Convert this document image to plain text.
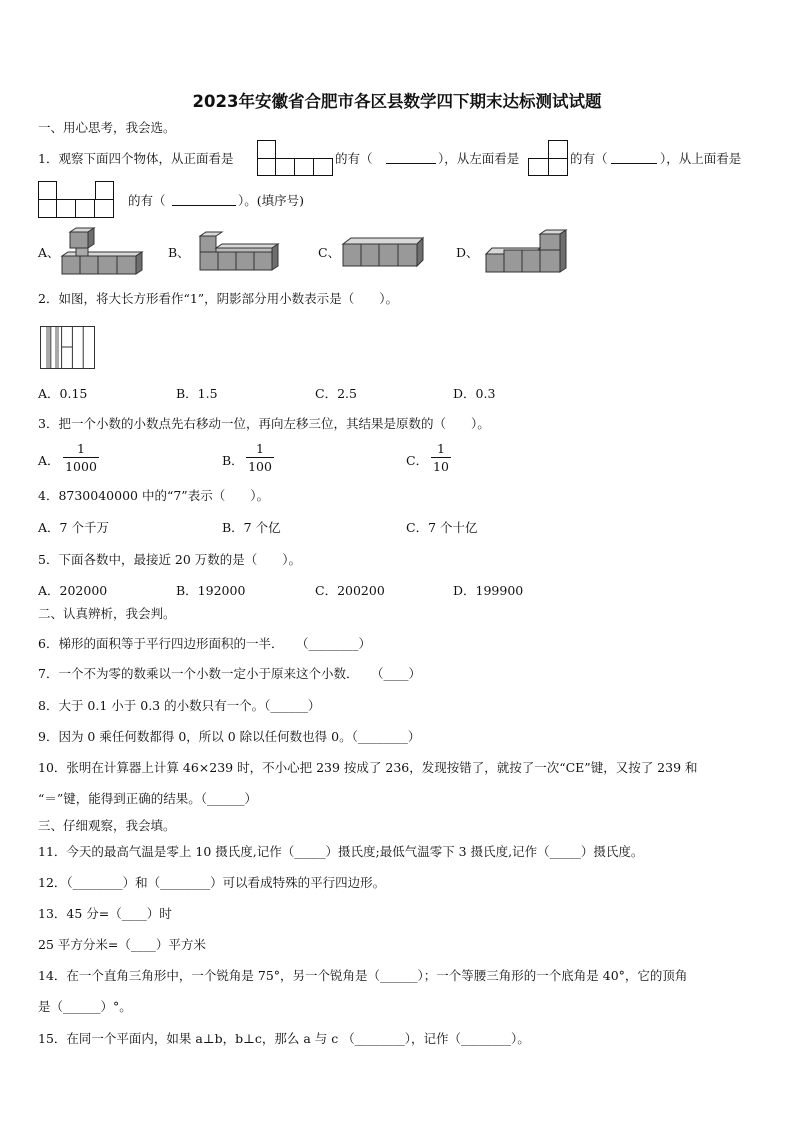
2023年安徽省合肥市各区县数学四下期末达标测试试题
一、用心思考，我会选。
1．观察下面四个物体，从正面看是	的有（	），从左面看是	的有（	），从上面看是
的有（	）。(填序号)
A、	B、	C、	D、
2．如图，将大长方形看作“1”，阴影部分用小数表示是（　　）。
A．0.15	B．1.5	C．2.5	D．0.3
3．把一个小数的小数点先右移动一位，再向左移三位，其结果是原数的（　　）。
A．
1
1000	B．
1
100	C．
1
10
4．8730040000 中的“7”表示（　　）。
A．7 个千万	B．7 个亿	C．7 个十亿
5．下面各数中，最接近 20 万数的是（　　）。
A．202000	B．192000	C．200200	D．199900
二、认真辨析，我会判。
6．梯形的面积等于平行四边形面积的一半．　　（________）
7．一个不为零的数乘以一个小数一定小于原来这个小数．　　（____）
8．大于 0.1 小于 0.3 的小数只有一个。（______）
9．因为 0 乘任何数都得 0，所以 0 除以任何数也得 0。（________）
10．张明在计算器上计算 46×239 时，不小心把 239 按成了 236，发现按错了，就按了一次“CE”键，又按了 239 和
“＝”键，能得到正确的结果。（______）
三、仔细观察，我会填。
11．今天的最高气温是零上 10 摄氏度,记作（_____）摄氏度;最低气温零下 3 摄氏度,记作（_____）摄氏度。
12．（________）和（________）可以看成特殊的平行四边形。
13．45 分=（____）时
25 平方分米=（____）平方米
14．在一个直角三角形中，一个锐角是 75°，另一个锐角是（______）；一个等腰三角形的一个底角是 40°，它的顶角
是（______）°。
15．在同一个平面内，如果 a⊥b，b⊥c，那么 a 与 c （________），记作（________）。
